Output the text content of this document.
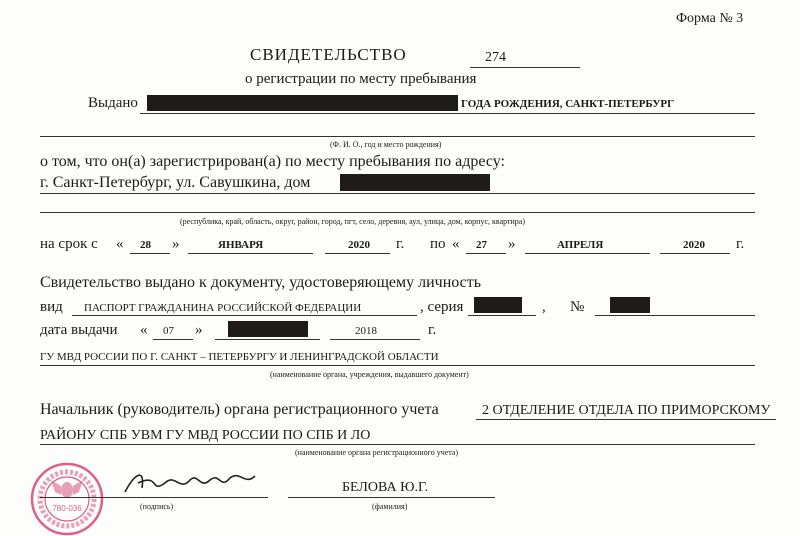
Форма № 3
СВИДЕТЕЛЬСТВО	274
о регистрации по месту пребывания
Выдано	ГОДА РОЖДЕНИЯ, САНКТ-ПЕТЕРБУРГ
(Ф. И. О., год и место рождения)
о том, что он(а) зарегистрирован(а) по месту пребывания по адресу:
г. Санкт-Петербург, ул. Савушкина, дом
(республика, край, область, округ, район, город, пгт, село, деревня, аул, улица, дом, корпус, квартира)
на срок с « 28 »	ЯНВАРЯ	2020 г. по « 27 »	АПРЕЛЯ	2020 г.
Свидетельство выдано к документу, удостоверяющему личность
вид ПАСПОРТ ГРАЖДАНИНА РОССИЙСКОЙ ФЕДЕРАЦИИ	, серия	, №
дата выдачи « 07 »	2018	г.
ГУ МВД РОССИИ ПО Г. САНКТ – ПЕТЕРБУРГУ И ЛЕНИНГРАДСКОЙ ОБЛАСТИ
(наименование органа, учреждения, выдавшего документ)
Начальник (руководитель) органа регистрационного учета	2 ОТДЕЛЕНИЕ ОТДЕЛА ПО ПРИМОРСКОМУ
РАЙОНУ СПБ УВМ ГУ МВД РОССИИ ПО СПБ И ЛО
(наименование органа регистрационного учета)
780-036	(подпись)
БЕЛОВА Ю.Г.
(фамилия)
